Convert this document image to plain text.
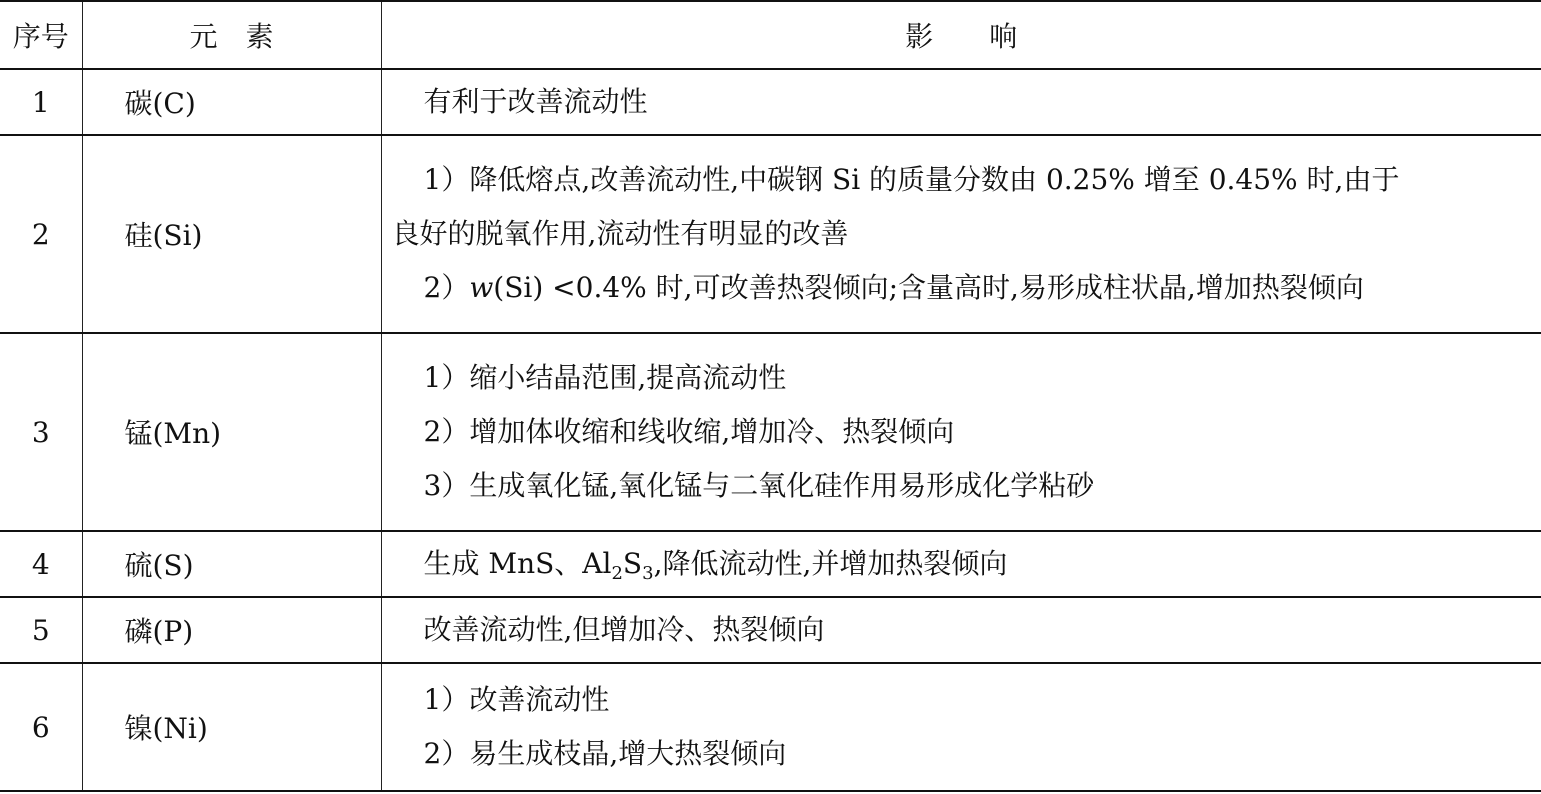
序号	元　素	影　　响
1	碳(C)	有利于改善流动性

2	硅(Si)	1）降低熔点,改善流动性,中碳钢 Si 的质量分数由 0.25% 增至 0.45% 时,由于
良好的脱氧作用,流动性有明显的改善
2）w(Si) <0.4% 时,可改善热裂倾向;含量高时,易形成柱状晶,增加热裂倾向

3	锰(Mn)	1）缩小结晶范围,提高流动性
2）增加体收缩和线收缩,增加冷、热裂倾向
3）生成氧化锰,氧化锰与二氧化硅作用易形成化学粘砂

4	硫(S)	生成 MnS、$Al_2S_3$,降低流动性,并增加热裂倾向

5	磷(P)	改善流动性,但增加冷、热裂倾向

6	镍(Ni)	1）改善流动性
2）易生成枝晶,增大热裂倾向
